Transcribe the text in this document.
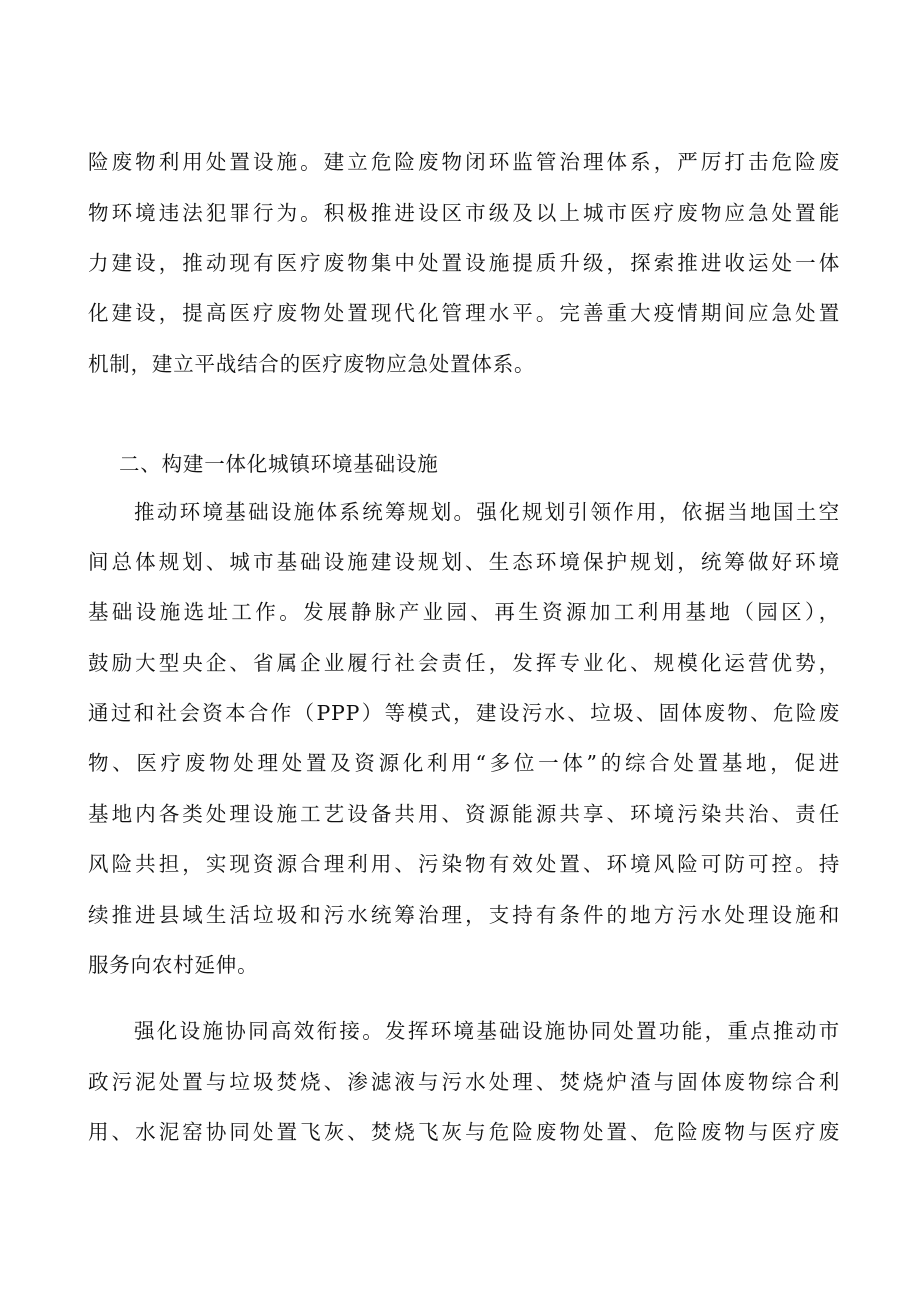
险废物利用处置设施。建立危险废物闭环监管治理体系，严厉打击危险废
物环境违法犯罪行为。积极推进设区市级及以上城市医疗废物应急处置能
力建设，推动现有医疗废物集中处置设施提质升级，探索推进收运处一体
化建设，提高医疗废物处置现代化管理水平。完善重大疫情期间应急处置
机制，建立平战结合的医疗废物应急处置体系。
二、构建一体化城镇环境基础设施
推动环境基础设施体系统筹规划。强化规划引领作用，依据当地国土空
间总体规划、城市基础设施建设规划、生态环境保护规划，统筹做好环境
基础设施选址工作。发展静脉产业园、再生资源加工利用基地（园区），
鼓励大型央企、省属企业履行社会责任，发挥专业化、规模化运营优势，
通过和社会资本合作（PPP）等模式，建设污水、垃圾、固体废物、危险废
物、医疗废物处理处置及资源化利用“多位一体”的综合处置基地，促进
基地内各类处理设施工艺设备共用、资源能源共享、环境污染共治、责任
风险共担，实现资源合理利用、污染物有效处置、环境风险可防可控。持
续推进县域生活垃圾和污水统筹治理，支持有条件的地方污水处理设施和
服务向农村延伸。
强化设施协同高效衔接。发挥环境基础设施协同处置功能，重点推动市
政污泥处置与垃圾焚烧、渗滤液与污水处理、焚烧炉渣与固体废物综合利
用、水泥窑协同处置飞灰、焚烧飞灰与危险废物处置、危险废物与医疗废
